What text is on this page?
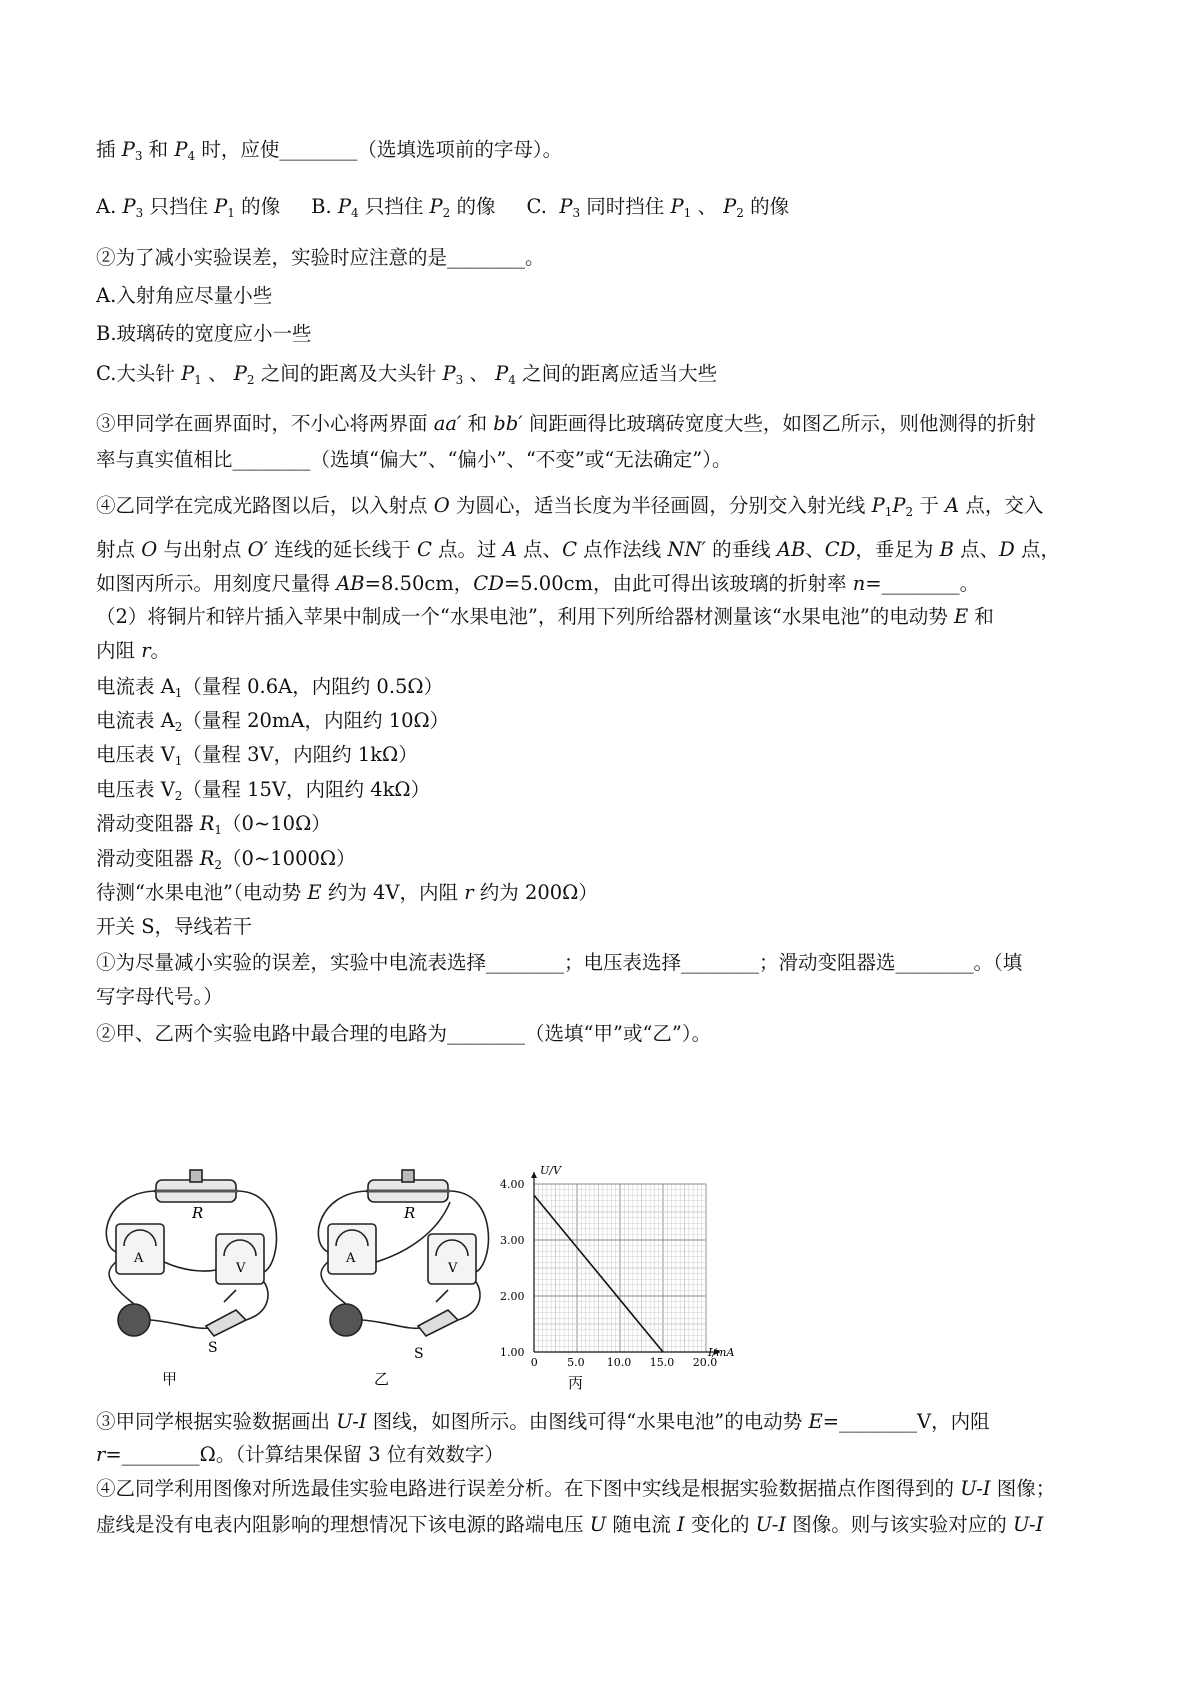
插 $P_3$ 和 $P_4$ 时，应使________（选填选项前的字母）。
A. $P_3$ 只挡住 $P_1$ 的像 B. $P_4$ 只挡住 $P_2$ 的像 C.  $P_3$ 同时挡住 $P_1$ 、 $P_2$ 的像
②为了减小实验误差，实验时应注意的是________。
A.入射角应尽量小些
B.玻璃砖的宽度应小一些
C.大头针 $P_1$ 、 $P_2$ 之间的距离及大头针 $P_3$ 、 $P_4$ 之间的距离应适当大些
③甲同学在画界面时，不小心将两界面 aa′ 和 bb′ 间距画得比玻璃砖宽度大些，如图乙所示，则他测得的折射
率与真实值相比________（选填“偏大”、“偏小”、“不变”或“无法确定”）。
④乙同学在完成光路图以后，以入射点 O 为圆心，适当长度为半径画圆，分别交入射光线 $P_1P_2$ 于 A 点，交入
射点 O 与出射点 O′ 连线的延长线于 C 点。过 A 点、C 点作法线 NN′ 的垂线 AB、CD，垂足为 B 点、D 点，
如图丙所示。用刻度尺量得 AB=8.50cm，CD=5.00cm，由此可得出该玻璃的折射率 n=________。
（2）将铜片和锌片插入苹果中制成一个“水果电池”，利用下列所给器材测量该“水果电池”的电动势 E 和
内阻 r。
电流表 $A_1$（量程 0.6A，内阻约 0.5Ω）
电流表 $A_2$（量程 20mA，内阻约 10Ω）
电压表 $V_1$（量程 3V，内阻约 1kΩ）
电压表 $V_2$（量程 15V，内阻约 4kΩ）
滑动变阻器 $R_1(0\sim 10\Omega)$
滑动变阻器 $R_2(0\sim 1000\Omega)$
待测“水果电池”（电动势 E 约为 4V，内阻 r 约为 200Ω）
开关 S，导线若干
①为尽量减小实验的误差，实验中电流表选择________；电压表选择________；滑动变阻器选________。（填
写字母代号。）
②甲、乙两个实验电路中最合理的电路为________（选填“甲”或“乙”）。
R
A
V
S
甲
R
A
V
S
乙
0	5.0 10.0 15.0 20.0
1.00
2.00
3.00
4.00
I/mA
U/V
丙
③甲同学根据实验数据画出 U-I 图线，如图所示。由图线可得“水果电池”的电动势 E=________V，内阻
r=________Ω。（计算结果保留 3 位有效数字）
④乙同学利用图像对所选最佳实验电路进行误差分析。在下图中实线是根据实验数据描点作图得到的 U-I 图像；
虚线是没有电表内阻影响的理想情况下该电源的路端电压 U 随电流 I 变化的 U-I 图像。则与该实验对应的 U-I
